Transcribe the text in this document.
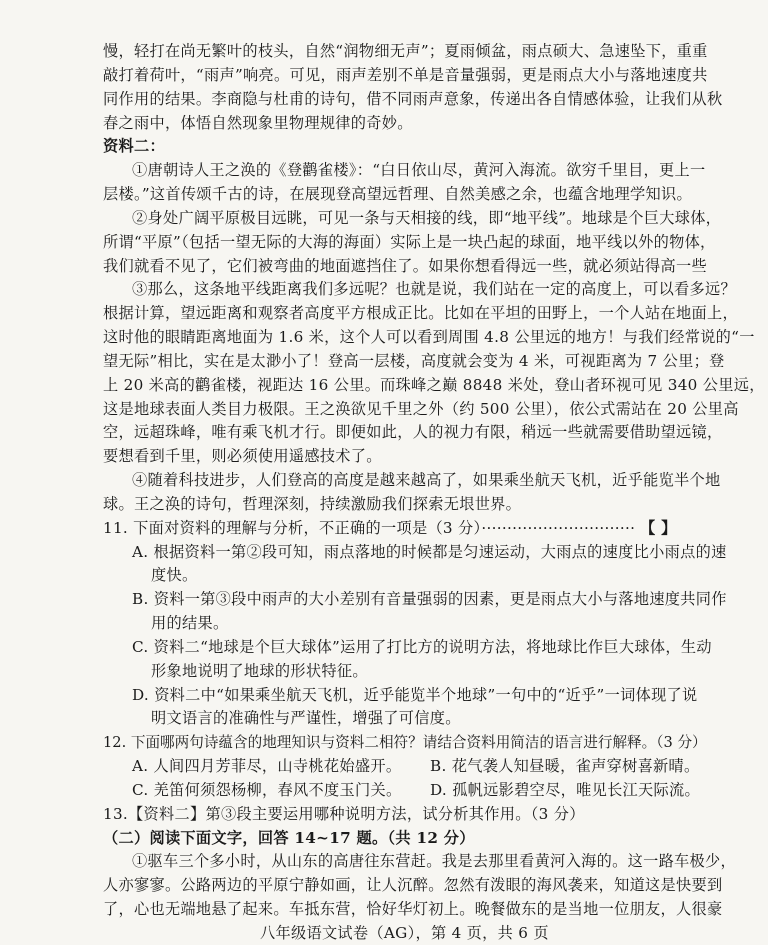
慢，轻打在尚无繁叶的枝头，自然“润物细无声”；夏雨倾盆，雨点硕大、急速坠下，重重
敲打着荷叶，“雨声”响亮。可见，雨声差别不单是音量强弱，更是雨点大小与落地速度共
同作用的结果。李商隐与杜甫的诗句，借不同雨声意象，传递出各自情感体验，让我们从秋
春之雨中，体悟自然现象里物理规律的奇妙。
资料二：
①唐朝诗人王之涣的《登鹳雀楼》：“白日依山尽，黄河入海流。欲穷千里目，更上一
层楼。”这首传颂千古的诗，在展现登高望远哲理、自然美感之余，也蕴含地理学知识。
②身处广阔平原极目远眺，可见一条与天相接的线，即“地平线”。地球是个巨大球体，
所谓“平原”（包括一望无际的大海的海面）实际上是一块凸起的球面，地平线以外的物体，
我们就看不见了，它们被弯曲的地面遮挡住了。如果你想看得远一些，就必须站得高一些
③那么，这条地平线距离我们多远呢？也就是说，我们站在一定的高度上，可以看多远？
根据计算，望远距离和观察者高度平方根成正比。比如在平坦的田野上，一个人站在地面上，
这时他的眼睛距离地面为 1.6 米，这个人可以看到周围 4.8 公里远的地方！与我们经常说的“一
望无际”相比，实在是太渺小了！登高一层楼，高度就会变为 4 米，可视距离为 7 公里；登
上 20 米高的鹳雀楼，视距达 16 公里。而珠峰之巅 8848 米处，登山者环视可见 340 公里远，
这是地球表面人类目力极限。王之涣欲见千里之外（约 500 公里），依公式需站在 20 公里高
空，远超珠峰，唯有乘飞机才行。即便如此，人的视力有限，稍远一些就需要借助望远镜，
要想看到千里，则必须使用遥感技术了。
④随着科技进步，人们登高的高度是越来越高了，如果乘坐航天飞机，近乎能览半个地
球。王之涣的诗句，哲理深刻，持续激励我们探索无垠世界。
11. 下面对资料的理解与分析，不正确的一项是（3 分）······························ 【 】
A. 根据资料一第②段可知，雨点落地的时候都是匀速运动，大雨点的速度比小雨点的速
度快。
B. 资料一第③段中雨声的大小差别有音量强弱的因素，更是雨点大小与落地速度共同作
用的结果。
C. 资料二“地球是个巨大球体”运用了打比方的说明方法，将地球比作巨大球体，生动
形象地说明了地球的形状特征。
D. 资料二中“如果乘坐航天飞机，近乎能览半个地球”一句中的“近乎”一词体现了说
明文语言的准确性与严谨性，增强了可信度。
12. 下面哪两句诗蕴含的地理知识与资料二相符？请结合资料用简洁的语言进行解释。（3 分）
A. 人间四月芳菲尽，山寺桃花始盛开。 B. 花气袭人知昼暖，雀声穿树喜新晴。
C. 羌笛何须怨杨柳，春风不度玉门关。 D. 孤帆远影碧空尽，唯见长江天际流。
13.【资料二】第③段主要运用哪种说明方法，试分析其作用。（3 分）
（二）阅读下面文字，回答 14~17 题。（共 12 分）
①驱车三个多小时，从山东的高唐往东营赶。我是去那里看黄河入海的。这一路车极少，
人亦寥寥。公路两边的平原宁静如画，让人沉醉。忽然有泼眼的海风袭来，知道这是快要到
了，心也无端地悬了起来。车抵东营，恰好华灯初上。晚餐做东的是当地一位朋友，人很豪
八年级语文试卷（AG），第 4 页，共 6 页
